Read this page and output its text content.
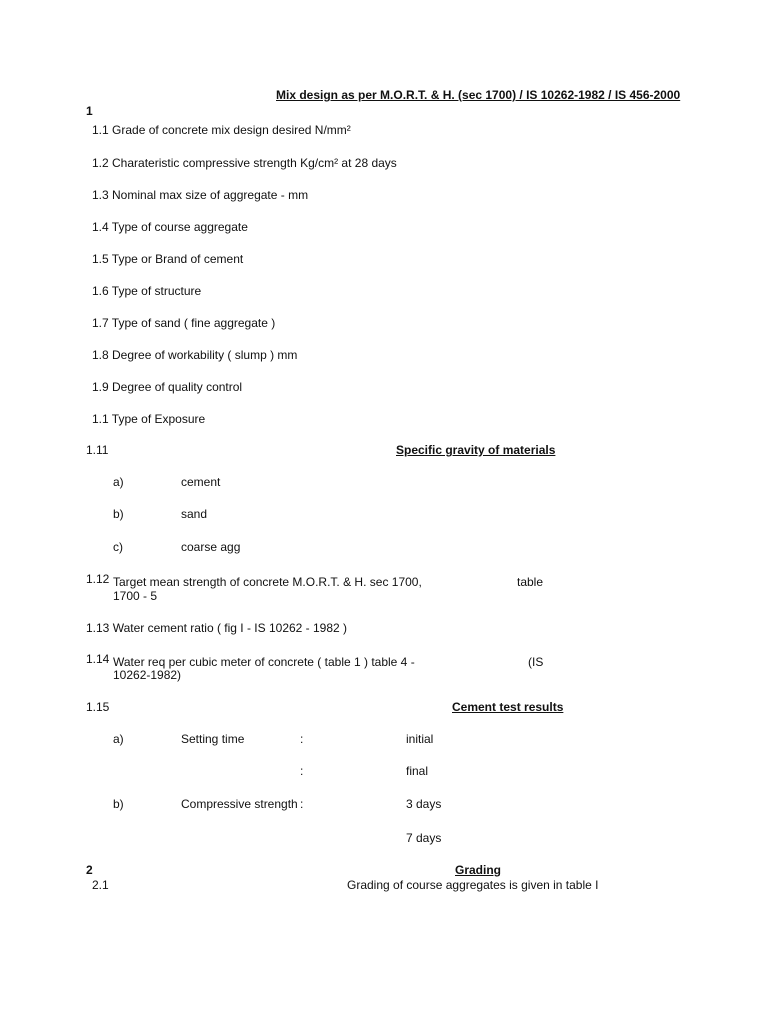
Mix design as per M.O.R.T. & H. (sec 1700) / IS 10262-1982 / IS 456-2000
1
1.1 Grade of concrete mix design desired N/mm²
1.2 Charateristic compressive strength Kg/cm² at 28 days
1.3 Nominal max size of aggregate - mm
1.4 Type of course aggregate
1.5 Type or Brand of cement
1.6 Type of structure
1.7 Type of sand ( fine aggregate )
1.8 Degree of workability ( slump ) mm
1.9 Degree of quality control
1.1 Type of Exposure
1.11	Specific gravity of materials
a)	cement
b)	sand
c)	coarse agg
1.12 Target mean strength of concrete M.O.R.T. & H. sec 1700,	table
1700 - 5
1.13 Water cement ratio ( fig I - IS 10262 - 1982 )
1.14 Water req per cubic meter of concrete ( table 1 ) table 4 -	(IS
10262-1982)
1.15	Cement test results
a)	Setting time	:	initial
:	final
b)	Compressive strength :	3 days
7 days
2	Grading
2.1	Grading of course aggregates is given in table I
